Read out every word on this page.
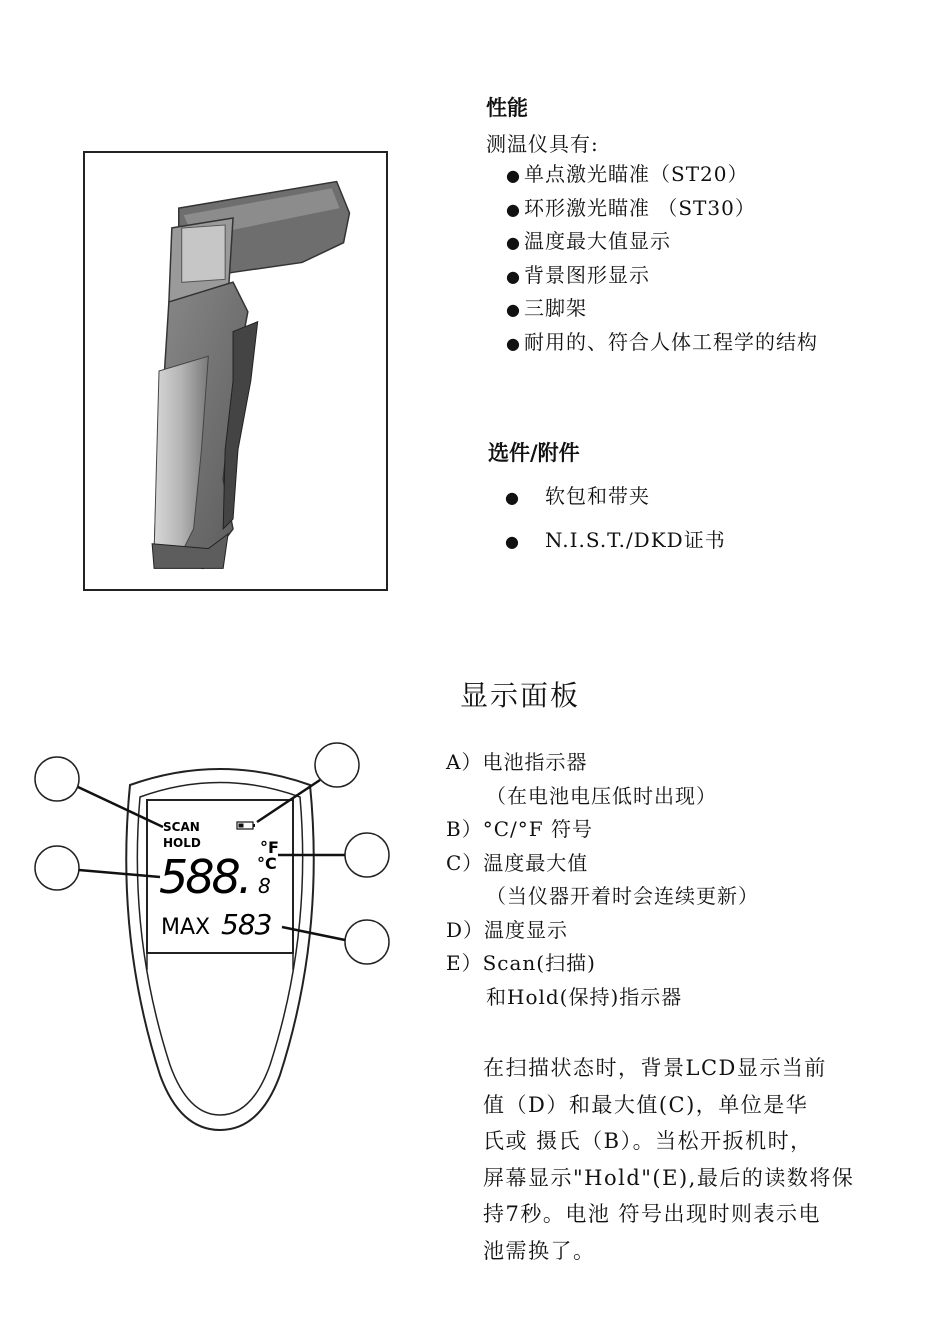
性能
测温仪具有:
● 单点激光瞄准（ST20）
● 环形激光瞄准 （ST30）
● 温度最大值显示
● 背景图形显示
● 三脚架
● 耐用的、符合人体工程学的结构
选件/附件
● 软包和带夹
● N.I.S.T./DKD证书
显示面板
A）电池指示器
（在电池电压低时出现）
B）°C/°F 符号
C）温度最大值
（当仪器开着时会连续更新）
D）温度显示
E）Scan(扫描)
和Hold(保持)指示器

在扫描状态时，背景LCD显示当前

值（D）和最大值(C)，单位是华

氏或 摄氏（B）。当松开扳机时，

屏幕显示"Hold"(E),最后的读数将保

持7秒。电池 符号出现时则表示电

池需换了。

SCAN
HOLD
588. 8
°F
°C
MAX 583
